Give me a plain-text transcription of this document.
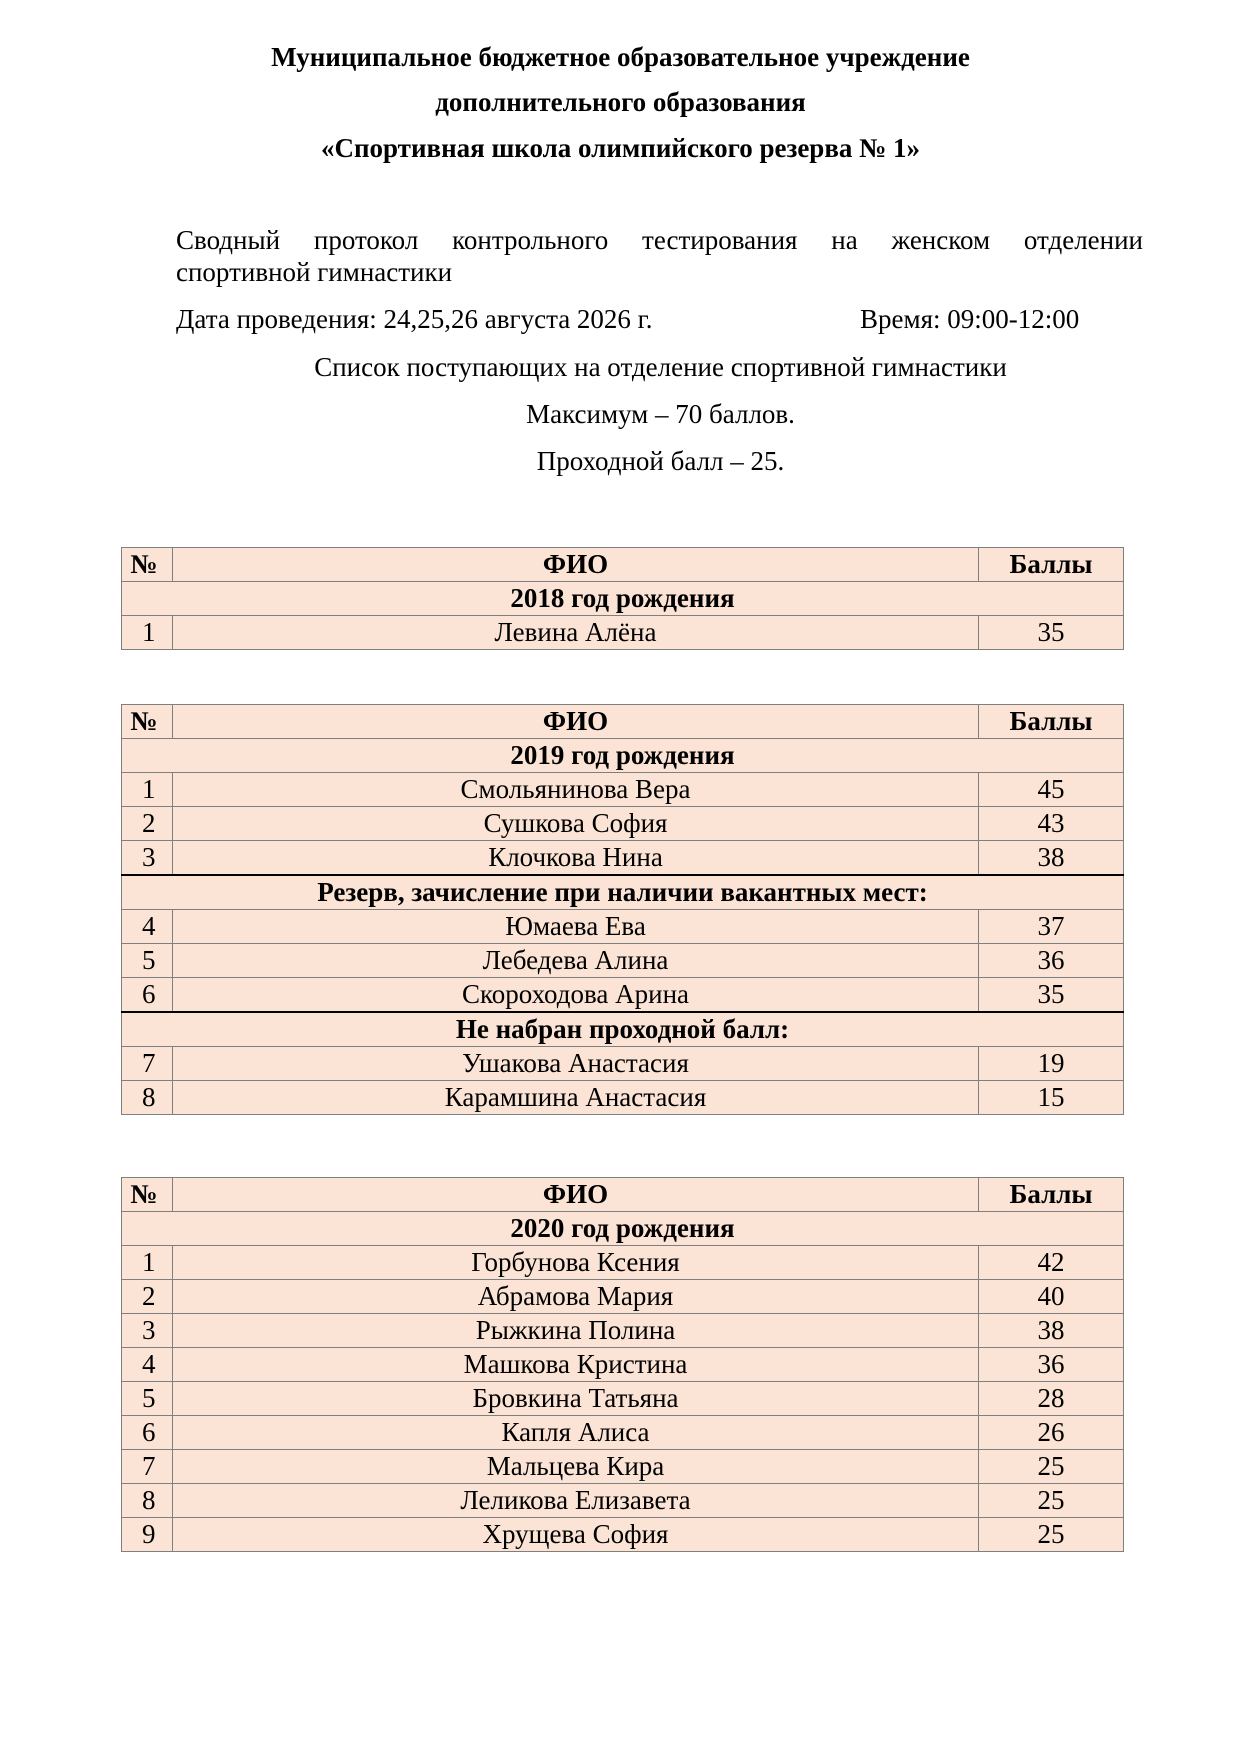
Муниципальное бюджетное образовательное учреждение
дополнительного образования
«Спортивная школа олимпийского резерва № 1»
Сводный протокол контрольного тестирования на женском отделении
спортивной гимнастики
Дата проведения: 24,25,26 августа 2026 г.	Время: 09:00-12:00
Список поступающих на отделение спортивной гимнастики
Максимум – 70 баллов.
Проходной балл – 25.
№	ФИО	Баллы
2018 год рождения		
1	Левина Алёна	35
№	ФИО	Баллы
2019 год рождения		
1	Смольянинова Вера	45
2	Сушкова София	43
3	Клочкова Нина	38
Резерв, зачисление при наличии вакантных мест:		
4	Юмаева Ева	37
5	Лебедева Алина	36
6	Скороходова Арина	35
Не набран проходной балл:		
7	Ушакова Анастасия	19
8	Карамшина Анастасия	15
№	ФИО	Баллы
2020 год рождения		
1	Горбунова Ксения	42
2	Абрамова Мария	40
3	Рыжкина Полина	38
4	Машкова Кристина	36
5	Бровкина Татьяна	28
6	Капля Алиса	26
7	Мальцева Кира	25
8	Леликова Елизавета	25
9	Хрущева София	25
